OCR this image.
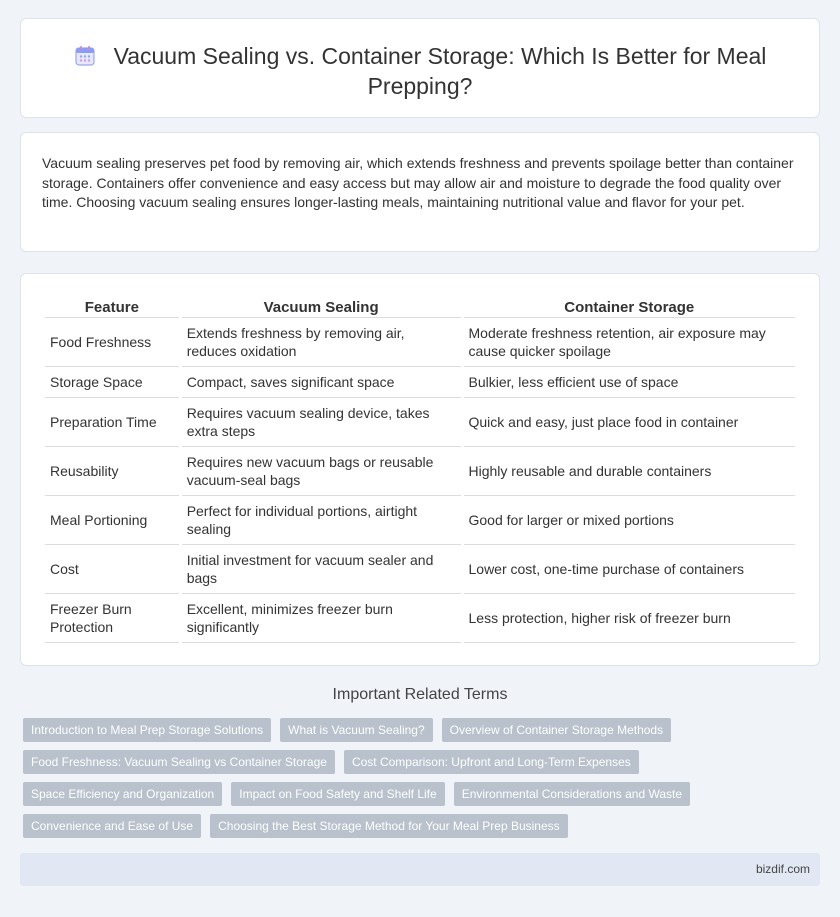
Vacuum Sealing vs. Container Storage: Which Is Better for Meal Prepping?

Vacuum sealing preserves pet food by removing air, which extends freshness and prevents spoilage better than container storage. Containers offer convenience and easy access but may allow air and moisture to degrade the food quality over time. Choosing vacuum sealing ensures longer-lasting meals, maintaining nutritional value and flavor for your pet.

Feature	Vacuum Sealing	Container Storage
Food Freshness	Extends freshness by removing air, reduces oxidation	Moderate freshness retention, air exposure may cause quicker spoilage
Storage Space	Compact, saves significant space	Bulkier, less efficient use of space
Preparation Time	Requires vacuum sealing device, takes extra steps	Quick and easy, just place food in container
Reusability	Requires new vacuum bags or reusable vacuum-seal bags	Highly reusable and durable containers
Meal Portioning	Perfect for individual portions, airtight sealing	Good for larger or mixed portions
Cost	Initial investment for vacuum sealer and bags	Lower cost, one-time purchase of containers
Freezer Burn Protection	Excellent, minimizes freezer burn significantly	Less protection, higher risk of freezer burn
Important Related Terms
Introduction to Meal Prep Storage Solutions	What is Vacuum Sealing?	Overview of Container Storage Methods
Food Freshness: Vacuum Sealing vs Container Storage	Cost Comparison: Upfront and Long-Term Expenses
Space Efficiency and Organization	Impact on Food Safety and Shelf Life	Environmental Considerations and Waste
Convenience and Ease of Use	Choosing the Best Storage Method for Your Meal Prep Business
bizdif.com
